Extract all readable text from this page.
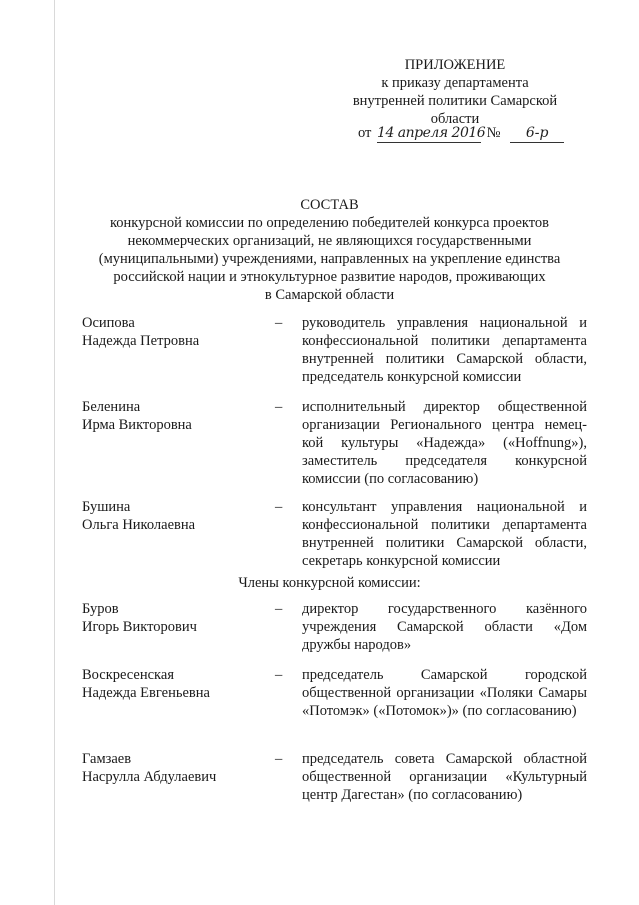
ПРИЛОЖЕНИЕ
к приказу департамента
внутренней политики Самарской
области
от 14 апреля 2016 № 6-р
СОСТАВ
конкурсной комиссии по определению победителей конкурса проектов
некоммерческих организаций, не являющихся государственными
(муниципальными) учреждениями, направленных на укрепление единства
российской нации и этнокультурное развитие народов, проживающих
в Самарской области
Осипова
Надежда Петровна
– руководитель управления национальной и конфессиональной политики департамента внутренней политики Самарской области, председатель конкурсной комиссии
Беленина
Ирма Викторовна
– исполнительный директор общественной организации Регионального центра немец-кой культуры «Надежда» («Hoffnung»), заместитель председателя конкурсной комиссии (по согласованию)
Бушина
Ольга Николаевна
– консультант управления национальной и конфессиональной политики департамента внутренней политики Самарской области, секретарь конкурсной комиссии
Члены конкурсной комиссии:
Буров
Игорь Викторович
– директор государственного казённого учреждения Самарской области «Дом дружбы народов»
Воскресенская
Надежда Евгеньевна
– председатель Самарской городской общественной организации «Поляки Самары «Потомэк» («Потомок»)» (по согласованию)
Гамзаев
Насрулла Абдулаевич
– председатель совета Самарской областной общественной организации «Культурный центр Дагестан» (по согласованию)
